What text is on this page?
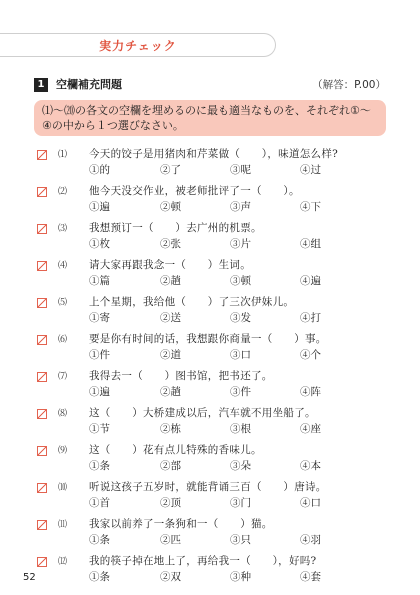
実力チェック
1	空欄補充問題	（解答：P.00）
⑴～⒇の各文の空欄を埋めるのに最も適当なものを、それぞれ①～④の中から１つ選びなさい。
⑴ 今天的饺子是用猪肉和芹菜做（　　），味道怎么样?
①的	②了	③呢	④过
⑵ 他今天没交作业，被老师批评了一（　　）。
①遍	②顿	③声	④下
⑶ 我想预订一（　　）去广州的机票。
①枚	②张	③片	④组
⑷ 请大家再跟我念一（　　）生词。
①篇	②趟	③顿	④遍
⑸ 上个星期，我给他（　　）了三次伊妹儿。
①寄	②送	③发	④打
⑹ 要是你有时间的话，我想跟你商量一（　　）事。
①件	②道	③口	④个
⑺ 我得去一（　　）图书馆，把书还了。
①遍	②趟	③件	④阵
⑻ 这（　　）大桥建成以后，汽车就不用坐船了。
①节	②栋	③根	④座
⑼ 这（　　）花有点儿特殊的香味儿。
①条	②部	③朵	④本
⑽ 听说这孩子五岁时，就能背诵三百（　　）唐诗。
①首	②顶	③门	④口
⑾ 我家以前养了一条狗和一（　　）猫。
①条	②匹	③只	④羽
⑿ 我的筷子掉在地上了，再给我一（　　），好吗?
①条	②双	③种	④套
52
